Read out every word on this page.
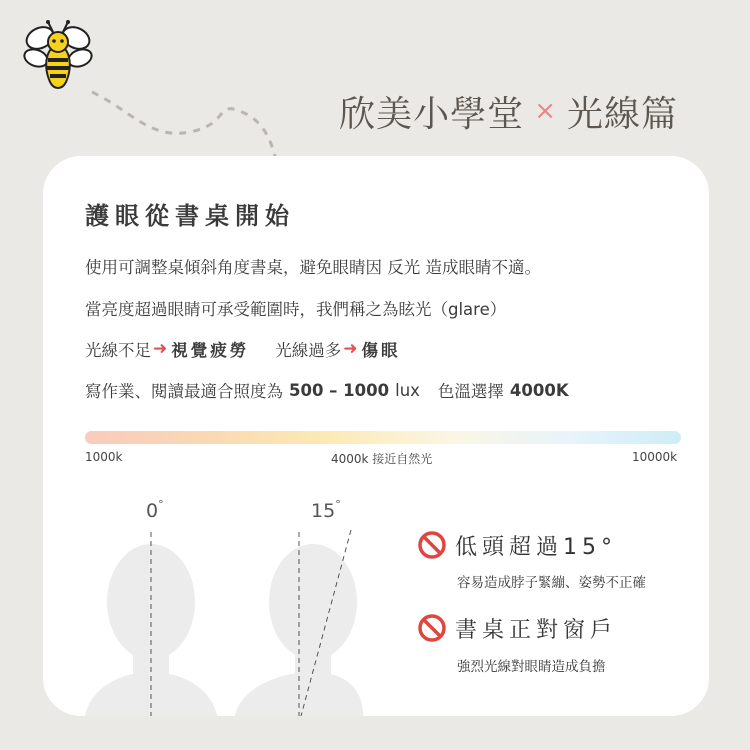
欣美小學堂 × 光線篇
護眼從書桌開始
使用可調整桌傾斜角度書桌，避免眼睛因 反光 造成眼睛不適。
當亮度超過眼睛可承受範圍時，我們稱之為眩光（glare）
光線不足 ➜ 視覺疲勞 光線過多 ➜ 傷眼
寫作業、閱讀最適合照度為 500 – 1000 lux 色溫選擇 4000K
1000k	4000k 接近自然光	10000k
0°	15°
低頭超過15°
容易造成脖子緊繃、姿勢不正確
書桌正對窗戶
強烈光線對眼睛造成負擔
